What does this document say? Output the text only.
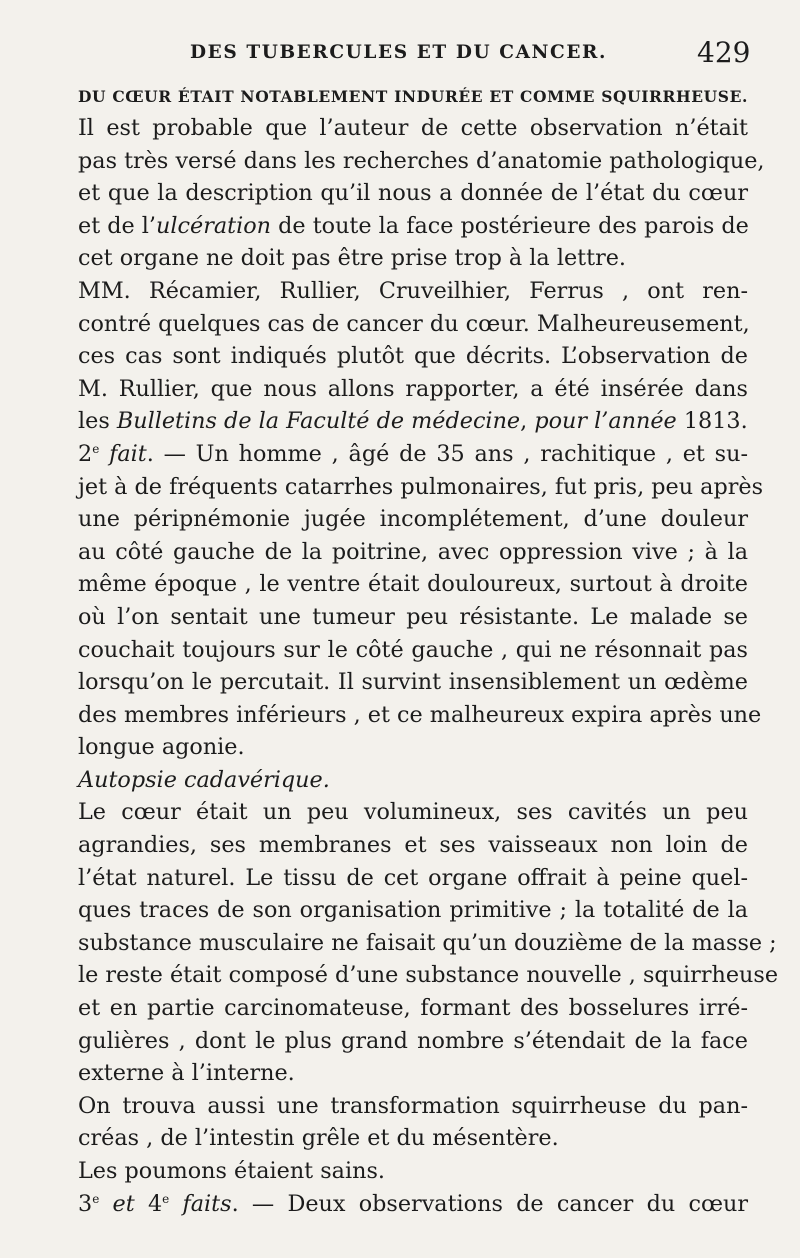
DES TUBERCULES ET DU CANCER.	429
DU CŒUR ÉTAIT NOTABLEMENT INDURÉE ET COMME SQUIRRHEUSE.
Il est probable que l’auteur de cette observation n’était
pas très versé dans les recherches d’anatomie pathologique,
et que la description qu’il nous a donnée de l’état du cœur
et de l’ulcération de toute la face postérieure des parois de
cet organe ne doit pas être prise trop à la lettre.
MM. Récamier, Rullier, Cruveilhier, Ferrus , ont ren-
contré quelques cas de cancer du cœur. Malheureusement,
ces cas sont indiqués plutôt que décrits. L’observation de
M. Rullier, que nous allons rapporter, a été insérée dans
les Bulletins de la Faculté de médecine, pour l’année 1813.
2e fait. — Un homme , âgé de 35 ans , rachitique , et su-
jet à de fréquents catarrhes pulmonaires, fut pris, peu après
une péripnémonie jugée incomplétement, d’une douleur
au côté gauche de la poitrine, avec oppression vive ; à la
même époque , le ventre était douloureux, surtout à droite
où l’on sentait une tumeur peu résistante. Le malade se
couchait toujours sur le côté gauche , qui ne résonnait pas
lorsqu’on le percutait. Il survint insensiblement un œdème
des membres inférieurs , et ce malheureux expira après une
longue agonie.
Autopsie cadavérique.
Le cœur était un peu volumineux, ses cavités un peu
agrandies, ses membranes et ses vaisseaux non loin de
l’état naturel. Le tissu de cet organe offrait à peine quel-
ques traces de son organisation primitive ; la totalité de la
substance musculaire ne faisait qu’un douzième de la masse ;
le reste était composé d’une substance nouvelle , squirrheuse
et en partie carcinomateuse, formant des bosselures irré-
gulières , dont le plus grand nombre s’étendait de la face
externe à l’interne.
On trouva aussi une transformation squirrheuse du pan-
créas , de l’intestin grêle et du mésentère.
Les poumons étaient sains.
3e et 4e faits. — Deux observations de cancer du cœur
